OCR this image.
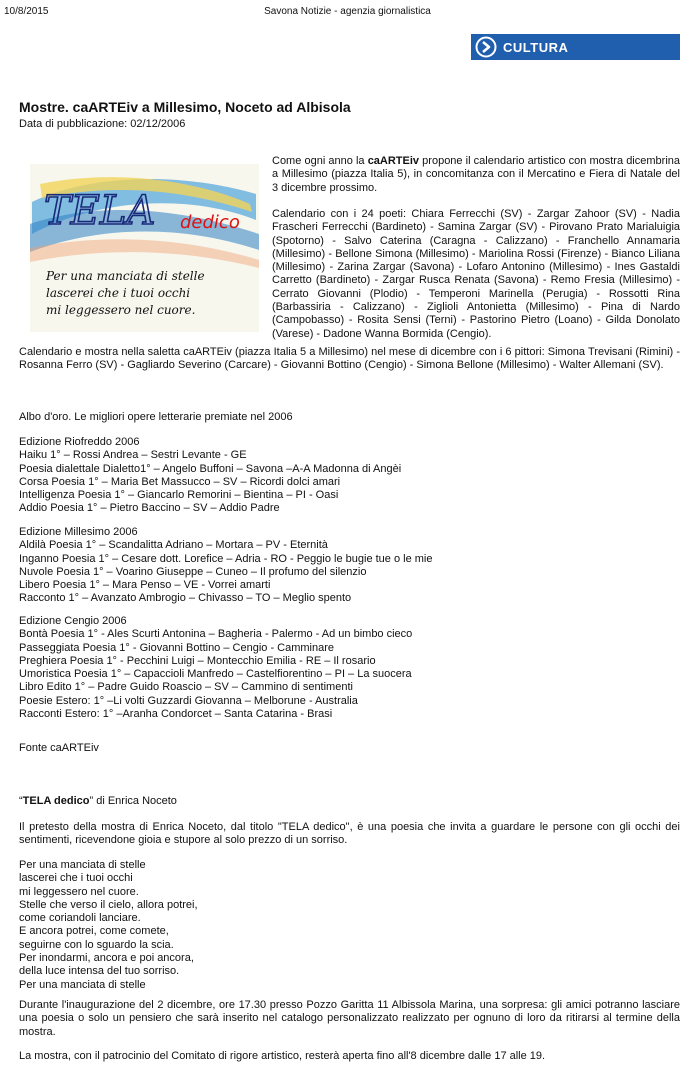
10/8/2015	Savona Notizie - agenzia giornalistica
CULTURA
Mostre. caARTEiv a Millesimo, Noceto ad Albisola
Data di pubblicazione: 02/12/2006
TELA dedico
Per una manciata di stelle
lascerei che i tuoi occhi
mi leggessero nel cuore.
Come ogni anno la caARTEiv propone il calendario artistico con mostra dicembrina a Millesimo (piazza Italia 5), in concomitanza con il Mercatino e Fiera di Natale del 3 dicembre prossimo.
Calendario con i 24 poeti: Chiara Ferrecchi (SV) - Zargar Zahoor (SV) - Nadia Frascheri Ferrecchi (Bardineto) - Samina Zargar (SV) - Pirovano Prato Marialuigia (Spotorno) - Salvo Caterina (Caragna - Calizzano) - Franchello Annamaria (Millesimo) - Bellone Simona (Millesimo) - Mariolina Rossi (Firenze) - Bianco Liliana (Millesimo) - Zarina Zargar (Savona) - Lofaro Antonino (Millesimo) - Ines Gastaldi Carretto (Bardineto) - Zargar Rusca Renata (Savona) - Remo Fresia (Millesimo) - Cerrato Giovanni (Plodio) - Temperoni Marinella (Perugia) - Rossotti Rina (Barbassiria - Calizzano) - Ziglioli Antonietta (Millesimo) - Pina di Nardo (Campobasso) - Rosita Sensi (Terni) - Pastorino Pietro (Loano) - Gilda Donolato (Varese) - Dadone Wanna Bormida (Cengio).
Calendario e mostra nella saletta caARTEiv (piazza Italia 5 a Millesimo) nel mese di dicembre con i 6 pittori: Simona Trevisani (Rimini) - Rosanna Ferro (SV) - Gagliardo Severino (Carcare) - Giovanni Bottino (Cengio) - Simona Bellone (Millesimo) - Walter Allemani (SV).
Albo d'oro. Le migliori opere letterarie premiate nel 2006
Edizione Riofreddo 2006
Haiku 1° – Rossi Andrea – Sestri Levante - GE
Poesia dialettale Dialetto1° – Angelo Buffoni – Savona –A-A Madonna di Angèi
Corsa Poesia 1° – Maria Bet Massucco – SV – Ricordi dolci amari
Intelligenza Poesia 1° – Giancarlo Remorini – Bientina – PI - Oasi
Addio Poesia 1° – Pietro Baccino – SV – Addio Padre
Edizione Millesimo 2006
Aldilà Poesia 1° – Scandalitta Adriano – Mortara – PV - Eternità
Inganno Poesia 1° – Cesare dott. Lorefice – Adria - RO - Peggio le bugie tue o le mie
Nuvole Poesia 1° – Voarino Giuseppe – Cuneo – Il profumo del silenzio
Libero Poesia 1° – Mara Penso – VE - Vorrei amarti
Racconto 1° – Avanzato Ambrogio – Chivasso – TO – Meglio spento
Edizione Cengio 2006
Bontà Poesia 1° - Ales Scurti Antonina – Bagheria - Palermo - Ad un bimbo cieco
Passeggiata Poesia 1° - Giovanni Bottino – Cengio - Camminare
Preghiera Poesia 1° - Pecchini Luigi – Montecchio Emilia - RE – Il rosario
Umoristica Poesia 1° – Capaccioli Manfredo – Castelfiorentino – PI – La suocera
Libro Edito 1° – Padre Guido Roascio – SV – Cammino di sentimenti
Poesie Estero: 1° –Li volti Guzzardi Giovanna – Melborune - Australia
Racconti Estero: 1° –Aranha Condorcet – Santa Catarina - Brasi
Fonte caARTEiv
“TELA dedico” di Enrica Noceto
Il pretesto della mostra di Enrica Noceto, dal titolo "TELA dedico", è una poesia che invita a guardare le persone con gli occhi dei sentimenti, ricevendone gioia e stupore al solo prezzo di un sorriso.
Per una manciata di stelle
lascerei che i tuoi occhi
mi leggessero nel cuore.
Stelle che verso il cielo, allora potrei,
come coriandoli lanciare.
E ancora potrei, come comete,
seguirne con lo sguardo la scia.
Per inondarmi, ancora e poi ancora,
della luce intensa del tuo sorriso.
Per una manciata di stelle
Durante l'inaugurazione del 2 dicembre, ore 17.30 presso Pozzo Garitta 11 Albissola Marina, una sorpresa: gli amici potranno lasciare una poesia o solo un pensiero che sarà inserito nel catalogo personalizzato realizzato per ognuno di loro da ritirarsi al termine della mostra.
La mostra, con il patrocinio del Comitato di rigore artistico, resterà aperta fino all'8 dicembre dalle 17 alle 19.
